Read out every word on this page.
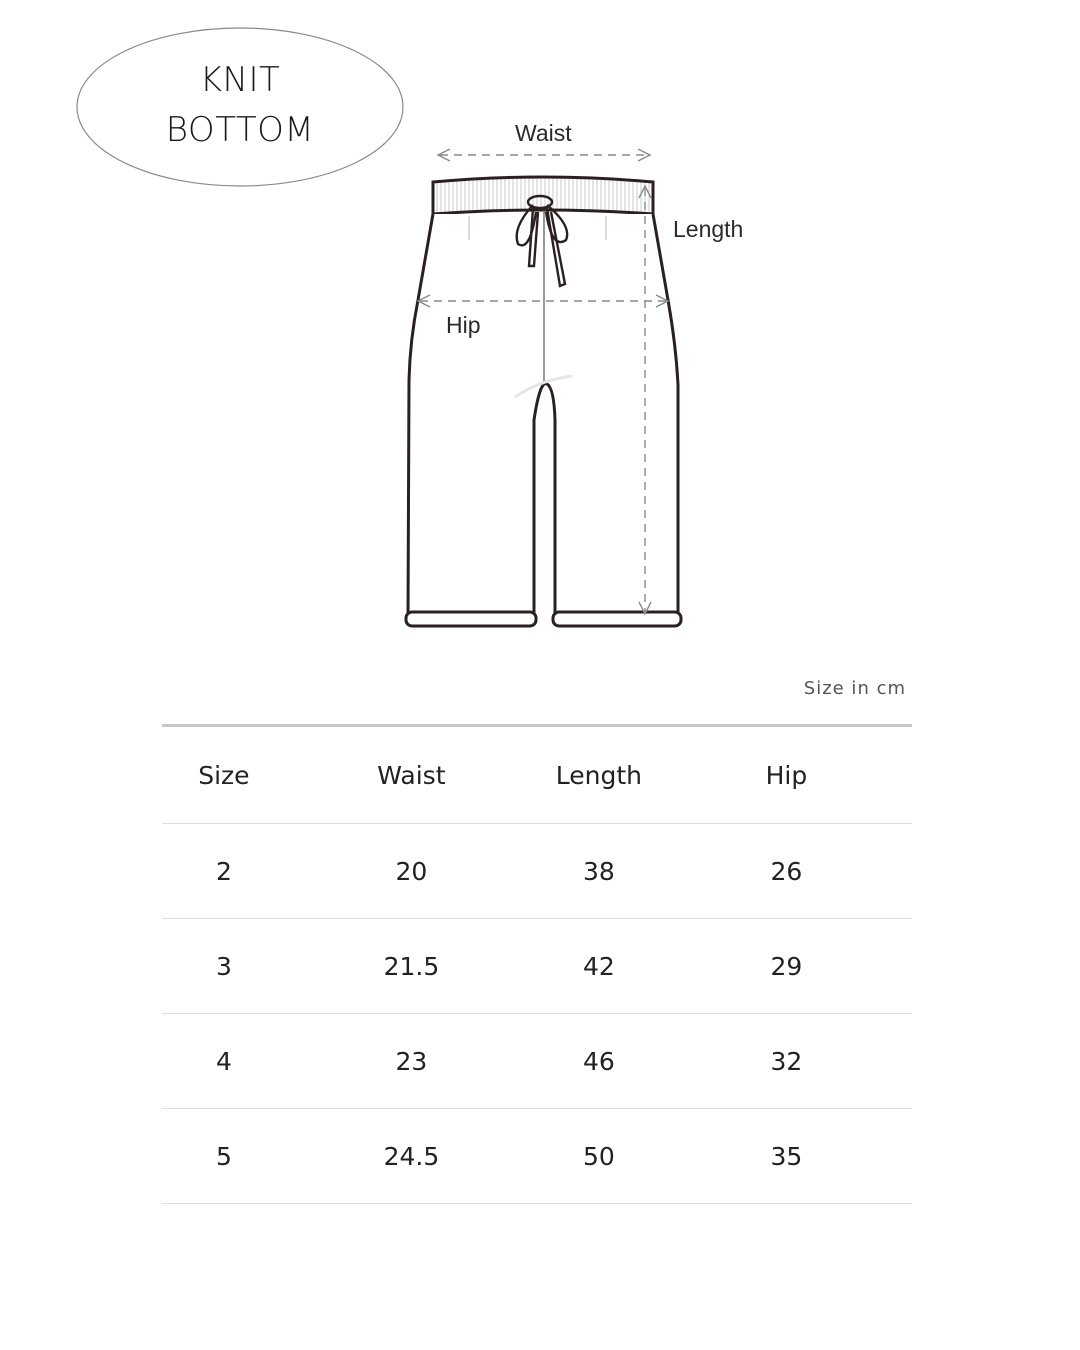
KNIT
BOTTOM	Waist
Length
Hip
Size in cm
Size	Waist	Length	Hip
2	20	38	26
3	21.5	42	29
4	23	46	32
5	24.5	50	35
